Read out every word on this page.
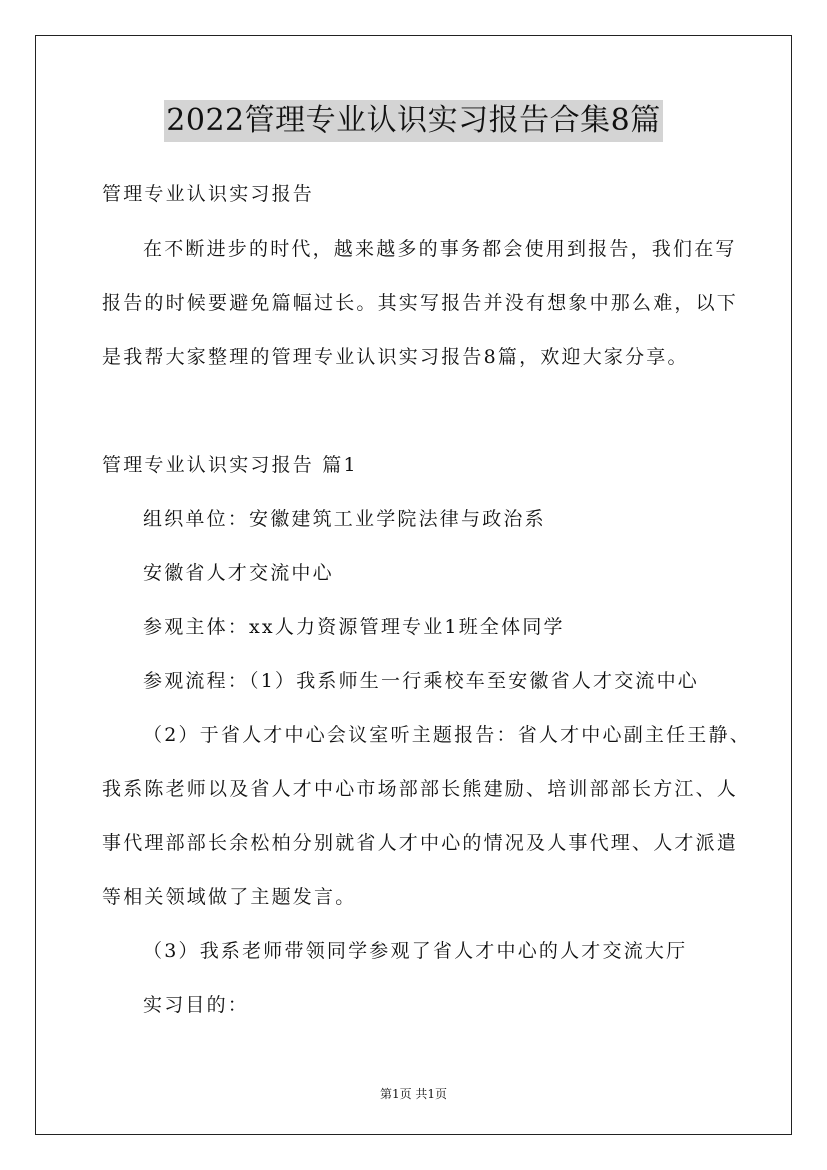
2022管理专业认识实习报告合集8篇
管理专业认识实习报告
在不断进步的时代，越来越多的事务都会使用到报告，我们在写
报告的时候要避免篇幅过长。其实写报告并没有想象中那么难，以下
是我帮大家整理的管理专业认识实习报告8篇，欢迎大家分享。
管理专业认识实习报告 篇1
组织单位：安徽建筑工业学院法律与政治系
安徽省人才交流中心
参观主体：xx人力资源管理专业1班全体同学
参观流程：（1）我系师生一行乘校车至安徽省人才交流中心
（2）于省人才中心会议室听主题报告：省人才中心副主任王静、
我系陈老师以及省人才中心市场部部长熊建励、培训部部长方江、人
事代理部部长余松柏分别就省人才中心的情况及人事代理、人才派遣
等相关领域做了主题发言。
（3）我系老师带领同学参观了省人才中心的人才交流大厅
实习目的：
第1页 共1页
